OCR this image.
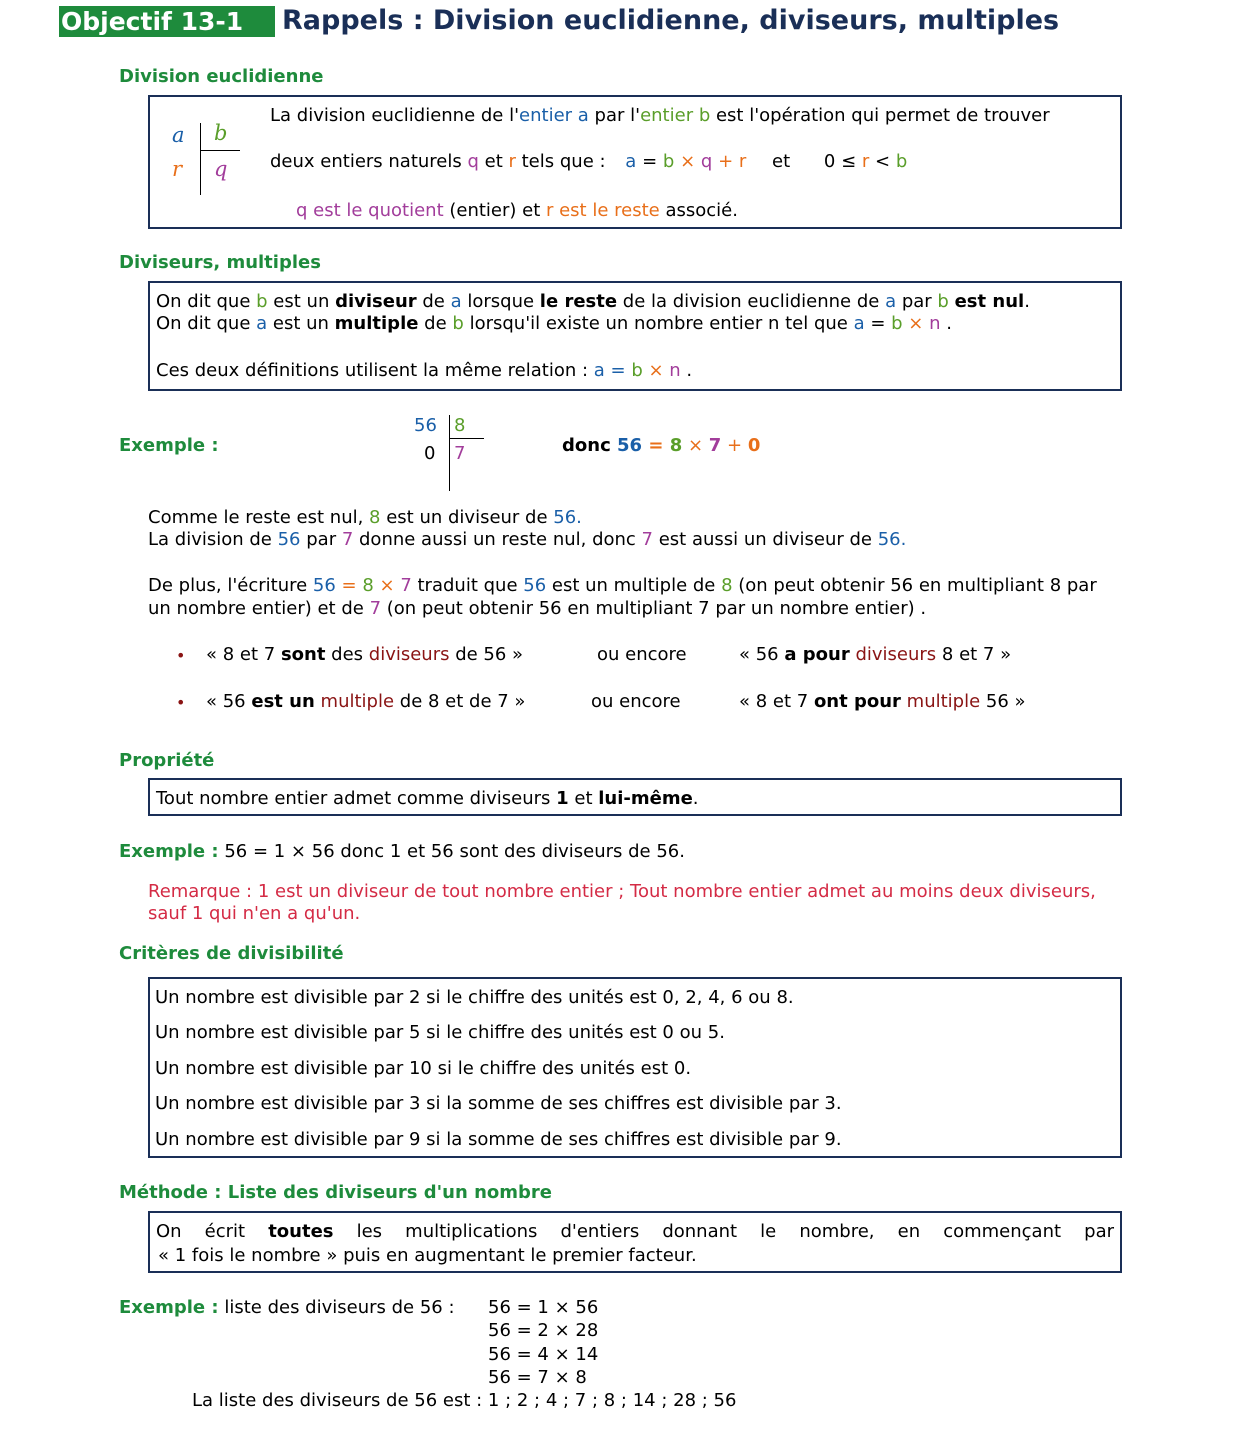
Objectif 13-1	Rappels : Division euclidienne, diviseurs, multiples
Division euclidienne
a b
r q
La division euclidienne de l'entier a par l'entier b est l'opération qui permet de trouver
deux entiers naturels q et r tels que : a = b × q + r et 0 ≤ r < b
q est le quotient (entier) et r est le reste associé.
Diviseurs, multiples
On dit que b est un diviseur de a lorsque le reste de la division euclidienne de a par b est nul.
On dit que a est un multiple de b lorsqu'il existe un nombre entier n tel que a = b × n .
Ces deux définitions utilisent la même relation : a = b × n .
Exemple :
56 8
0 7	donc 56 = 8 × 7 + 0
Comme le reste est nul, 8 est un diviseur de 56.
La division de 56 par 7 donne aussi un reste nul, donc 7 est aussi un diviseur de 56.
De plus, l'écriture 56 = 8 × 7 traduit que 56 est un multiple de 8 (on peut obtenir 56 en multipliant 8 par
un nombre entier) et de 7 (on peut obtenir 56 en multipliant 7 par un nombre entier) .
• « 8 et 7 sont des diviseurs de 56 »	ou encore	« 56 a pour diviseurs 8 et 7 »
• « 56 est un multiple de 8 et de 7 »	ou encore	« 8 et 7 ont pour multiple 56 »
Propriété
Tout nombre entier admet comme diviseurs 1 et lui-même.
Exemple : 56 = 1 × 56 donc 1 et 56 sont des diviseurs de 56.
Remarque : 1 est un diviseur de tout nombre entier ; Tout nombre entier admet au moins deux diviseurs,
sauf 1 qui n'en a qu'un.
Critères de divisibilité
Un nombre est divisible par 2 si le chiffre des unités est 0, 2, 4, 6 ou 8.
Un nombre est divisible par 5 si le chiffre des unités est 0 ou 5.
Un nombre est divisible par 10 si le chiffre des unités est 0.
Un nombre est divisible par 3 si la somme de ses chiffres est divisible par 3.
Un nombre est divisible par 9 si la somme de ses chiffres est divisible par 9.
Méthode : Liste des diviseurs d'un nombre
On écrit toutes les multiplications d'entiers donnant le nombre, en commençant par
« 1 fois le nombre » puis en augmentant le premier facteur.
Exemple : liste des diviseurs de 56 : 56 = 1 × 56
56 = 2 × 28
56 = 4 × 14
56 = 7 × 8
La liste des diviseurs de 56 est : 1 ; 2 ; 4 ; 7 ; 8 ; 14 ; 28 ; 56
